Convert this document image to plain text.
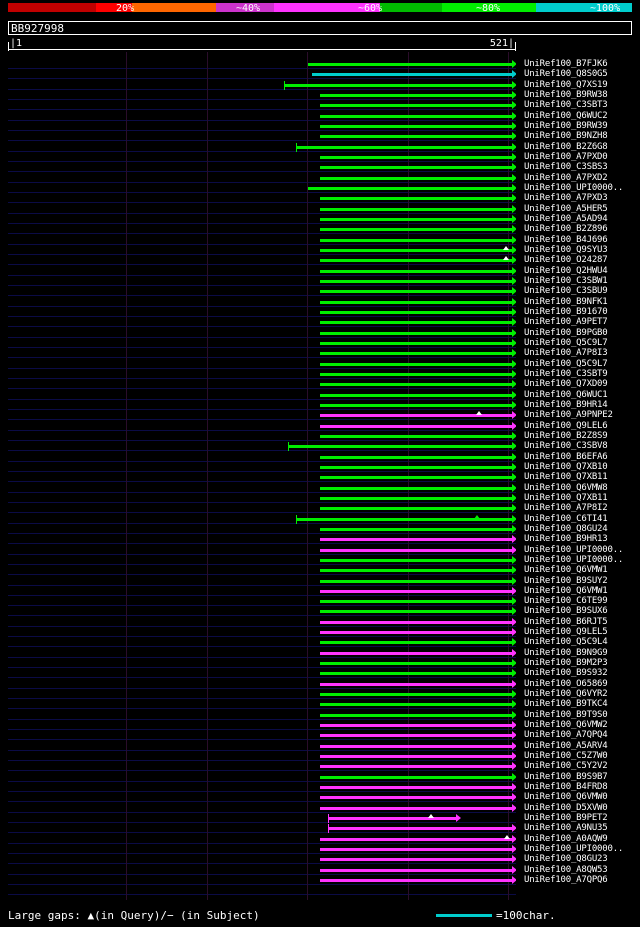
20%	~40%	~60%	~80%	~100%
BB927998
|1	521|
UniRef100_B7FJK6
UniRef100_Q8S0G5
UniRef100_Q7XS19
UniRef100_B9RW38
UniRef100_C3SBT3
UniRef100_Q6WUC2
UniRef100_B9RW39
UniRef100_B9NZH8
UniRef100_B2Z6G8
UniRef100_A7PXD0
UniRef100_C3SBS3
UniRef100_A7PXD2
UniRef100_UPI0000..
UniRef100_A7PXD3
UniRef100_A5HER5
UniRef100_A5AD94
UniRef100_B2Z896
UniRef100_B4J696
UniRef100_Q9SYU3
UniRef100_O24287
UniRef100_Q2HWU4
UniRef100_C3SBW1
UniRef100_C3SBU9
UniRef100_B9NFK1
UniRef100_B91670
UniRef100_A9PET7
UniRef100_B9PGB0
UniRef100_Q5C9L7
UniRef100_A7P8I3
UniRef100_Q5C9L7
UniRef100_C3SBT9
UniRef100_Q7XD09
UniRef100_Q6WUC1
UniRef100_B9HR14
UniRef100_A9PNPE2
UniRef100_Q9LEL6
UniRef100_B2Z8S9
UniRef100_C3SBV8
UniRef100_B6EFA6
UniRef100_Q7XB10
UniRef100_Q7XB11
UniRef100_Q6VMW8
UniRef100_Q7XB11
UniRef100_A7P8I2
UniRef100_C6TI41
UniRef100_Q8GU24
UniRef100_B9HR13
UniRef100_UPI0000..
UniRef100_UPI0000..
UniRef100_Q6VMW1
UniRef100_B9SUY2
UniRef100_Q6VMW1
UniRef100_C6TE99
UniRef100_B9SUX6
UniRef100_B6RJT5
UniRef100_Q9LEL5
UniRef100_Q5C9L4
UniRef100_B9N9G9
UniRef100_B9M2P3
UniRef100_B9S932
UniRef100_O65869
UniRef100_Q6VYR2
UniRef100_B9TKC4
UniRef100_B9T9S0
UniRef100_Q6VMW2
UniRef100_A7QPQ4
UniRef100_A5ARV4
UniRef100_C5Z7W0
UniRef100_C5Y2V2
UniRef100_B9S9B7
UniRef100_B4FRD8
UniRef100_Q6VMW0
UniRef100_D5XVW0
UniRef100_B9PET2
UniRef100_A9NU35
UniRef100_A0AQW9
UniRef100_UPI0000..
UniRef100_Q8GU23
UniRef100_A8QW53
UniRef100_A7QPQ6
Large gaps: ▲(in Query)/− (in Subject)	=100char.
